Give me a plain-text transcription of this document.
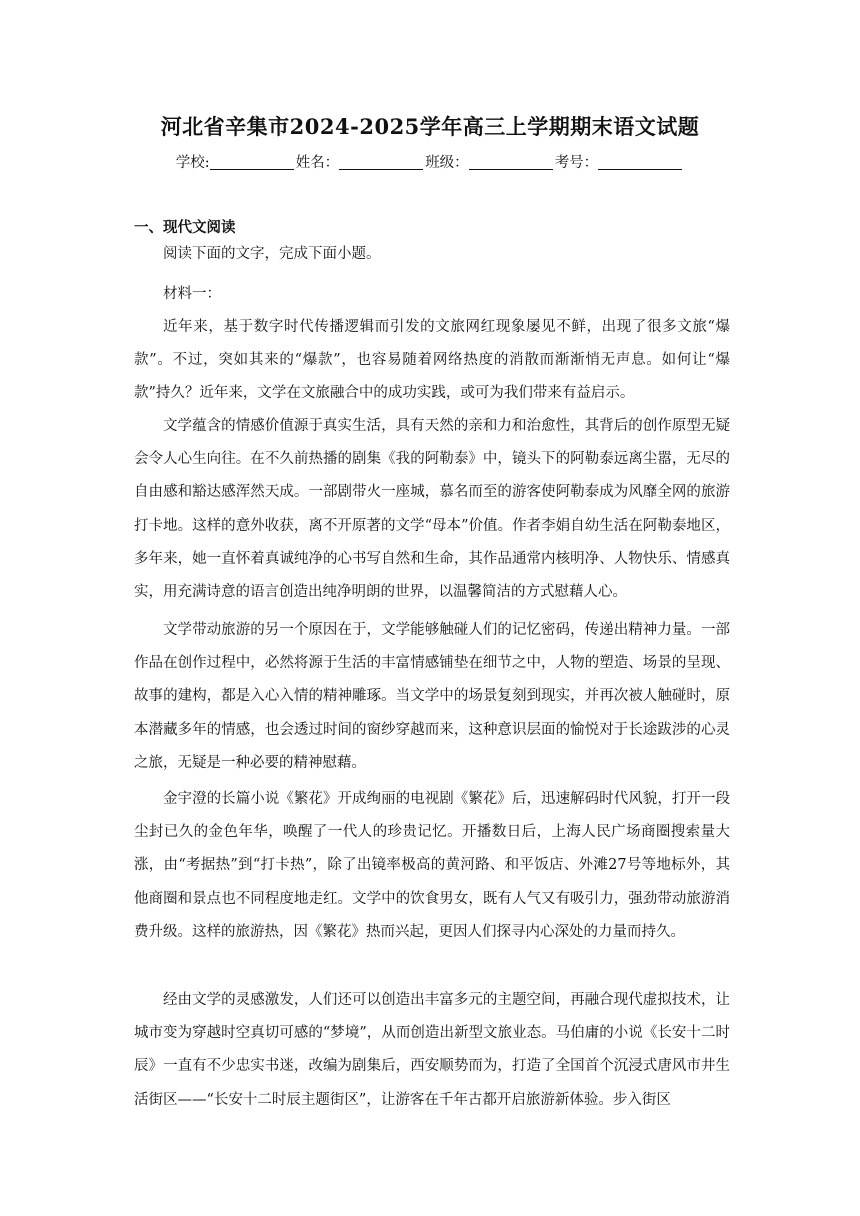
河北省辛集市2024-2025学年高三上学期期末语文试题
学校:	姓名：	班级：	考号：
一、现代文阅读

阅读下面的文字，完成下面小题。

材料一：

近年来，基于数字时代传播逻辑而引发的文旅网红现象屡见不鲜，出现了很多文旅“爆款”。不过，突如其来的“爆款”，也容易随着网络热度的消散而渐渐悄无声息。如何让“爆款”持久？近年来，文学在文旅融合中的成功实践，或可为我们带来有益启示。

文学蕴含的情感价值源于真实生活，具有天然的亲和力和治愈性，其背后的创作原型无疑会令人心生向往。在不久前热播的剧集《我的阿勒泰》中，镜头下的阿勒泰远离尘嚣，无尽的自由感和豁达感浑然天成。一部剧带火一座城，慕名而至的游客使阿勒泰成为风靡全网的旅游打卡地。这样的意外收获，离不开原著的文学“母本”价值。作者李娟自幼生活在阿勒泰地区，多年来，她一直怀着真诚纯净的心书写自然和生命，其作品通常内核明净、人物快乐、情感真实，用充满诗意的语言创造出纯净明朗的世界，以温馨简洁的方式慰藉人心。

文学带动旅游的另一个原因在于，文学能够触碰人们的记忆密码，传递出精神力量。一部作品在创作过程中，必然将源于生活的丰富情感铺垫在细节之中，人物的塑造、场景的呈现、故事的建构，都是入心入情的精神雕琢。当文学中的场景复刻到现实，并再次被人触碰时，原本潜藏多年的情感，也会透过时间的窗纱穿越而来，这种意识层面的愉悦对于长途跋涉的心灵之旅，无疑是一种必要的精神慰藉。

金宇澄的长篇小说《繁花》开成绚丽的电视剧《繁花》后，迅速解码时代风貌，打开一段尘封已久的金色年华，唤醒了一代人的珍贵记忆。开播数日后，上海人民广场商圈搜索量大涨，由“考据热”到“打卡热”，除了出镜率极高的黄河路、和平饭店、外滩27号等地标外，其他商圈和景点也不同程度地走红。文学中的饮食男女，既有人气又有吸引力，强劲带动旅游消费升级。这样的旅游热，因《繁花》热而兴起，更因人们探寻内心深处的力量而持久。

经由文学的灵感激发，人们还可以创造出丰富多元的主题空间，再融合现代虚拟技术，让城市变为穿越时空真切可感的“梦境”，从而创造出新型文旅业态。马伯庸的小说《长安十二时辰》一直有不少忠实书迷，改编为剧集后，西安顺势而为，打造了全国首个沉浸式唐风市井生活街区——“长安十二时辰主题街区”，让游客在千年古都开启旅游新体验。步入街区
